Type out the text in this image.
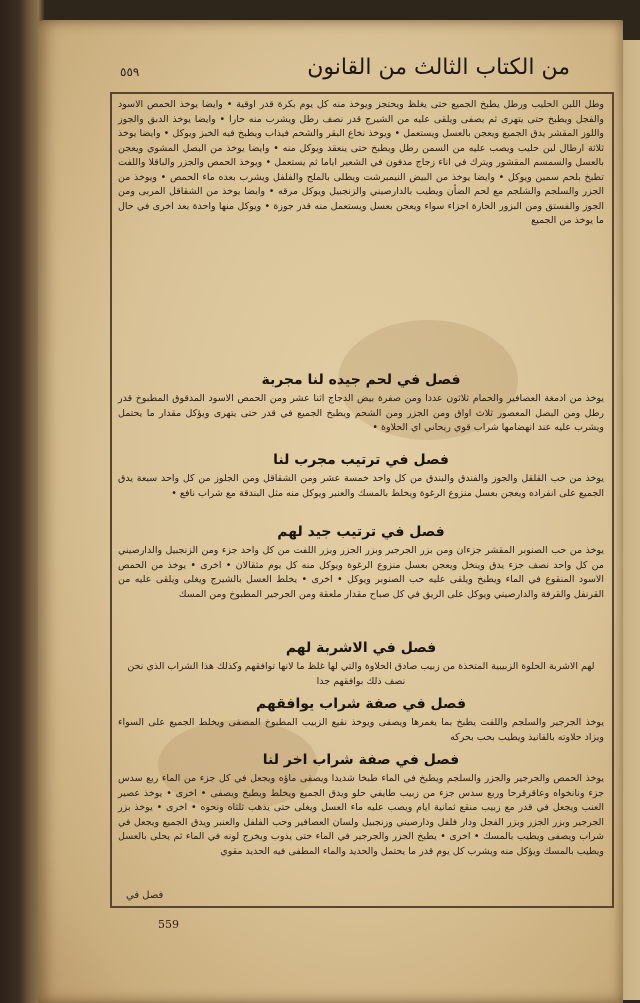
٥٥٩	من الكتاب الثالث من القانون
وطل اللبن الحليب ورطل يطبخ الجميع حتى يغلظ ويحتجز ويوخذ منه كل يوم بكرة قدر اوقية • وايضا يوخذ الحمص الاسود والفجل ويطبخ حتى يتهرى ثم يصفى ويلقى عليه من الشيرج قدر نصف رطل ويشرب منه حارا • وايضا يوخذ الدبق والجوز واللوز المقشر يدق الجميع ويعجن بالعسل ويستعمل • ويوخذ نخاع البقر والشحم فيذاب ويطبخ فيه الخبز ويوكل • وايضا يوخذ ثلاثة ارطال لبن حليب ويصب عليه من السمن رطل ويطبخ حتى ينعقد ويوكل منه • وايضا يوخذ من البصل المشوي ويعجن بالعسل والسمسم المقشور ويترك في اناء زجاج مدفون في الشعير اياما ثم يستعمل • ويوخذ الحمص والجزر والباقلا واللفت تطبخ بلحم سمين ويوكل • وايضا يوخذ من البيض النيمبرشت ويطلى بالملح والفلفل ويشرب بعده ماء الحمص • ويوخذ من الجزر والسلجم والشلجم مع لحم الضأن ويطيب بالدارصيني والزنجبيل ويوكل مرقه • وايضا يوخذ من الشقاقل المربى ومن الجوز والفستق ومن البزور الحارة اجزاء سواء ويعجن بعسل ويستعمل منه قدر جوزة • ويوكل منها واحدة بعد اخرى في حال ما يوخذ من الجميع
فصل في لحم جيده لنا مجربة
يوخذ من ادمغة العصافير والحمام ثلاثون عددا ومن صفرة بيض الدجاج اثنا عشر ومن الحمص الاسود المدقوق المطبوخ قدر رطل ومن البصل المعصور ثلاث اواق ومن الجزر ومن الشحم ويطبخ الجميع في قدر حتى يتهرى ويؤكل مقدار ما يحتمل ويشرب عليه عند انهضامها شراب قوي ريحاني اي الحلاوة •
فصل في ترتيب مجرب لنا
يوخذ من حب القلقل والجوز والفندق والبندق من كل واحد خمسة عشر ومن الشقاقل ومن الجلوز من كل واحد سبعة يدق الجميع على انفراده ويعجن بعسل منزوع الرغوة ويخلط بالمسك والعنبر ويوكل منه مثل البندقة مع شراب نافع •
فصل في ترتيب جيد لهم
يوخذ من حب الصنوبر المقشر جزءان ومن بزر الجرجير وبزر الجزر وبزر اللفت من كل واحد جزء ومن الزنجبيل والدارصيني من كل واحد نصف جزء يدق وينخل ويعجن بعسل منزوع الرغوة ويوكل منه كل يوم مثقالان • اخرى • يوخذ من الحمص الاسود المنقوع في الماء ويطبخ ويلقى عليه حب الصنوبر ويوكل • اخرى • يخلط العسل بالشيرج ويغلى ويلقى عليه من القرنفل والقرفة والدارصيني ويوكل على الريق في كل صباح مقدار ملعقة ومن الجرجير المطبوخ ومن المسك
فصل في الاشربة لهم
لهم الاشربة الحلوة الزبيبية المتخذة من زبيب صادق الحلاوة والتي لها غلظ ما لانها توافقهم وكذلك هذا الشراب الذي نحن نصف ذلك بوافقهم جدا
فصل في صفة شراب يوافقهم
يوخذ الجرجير والسلجم واللفت يطبخ بما يغمرها ويصفى ويوخذ نقيع الزبيب المطبوخ المصفى ويخلط الجميع على السواء ويزاد حلاوته بالفانيذ ويطيب بحب بحركه
فصل في صفة شراب اخر لنا
يوخذ الحمص والجرجير والجزر والسلجم ويطبخ في الماء طبخا شديدا ويصفى ماؤه ويجعل في كل جزء من الماء ربع سدس جزء ونانخواه وعاقرقرحا وربع سدس جزء من زبيب طايفي حلو ويدق الجميع ويخلط ويطبخ ويصفى • اخرى • يوخذ عصير العنب ويجعل في قدر مع زبيب منقع ثمانية ايام ويصب عليه ماء العسل ويغلى حتى يذهب ثلثاه ونحوه • اخرى • يوخذ بزر الجرجير وبزر الجزر وبزر الفجل ودار فلفل ودارصيني وزنجبيل ولسان العصافير وحب الفلفل والعنبر ويدق الجميع ويجعل في شراب ويصفى ويطيب بالمسك • اخرى • يطبخ الجزر والجرجير في الماء حتى يذوب ويخرج لونه في الماء ثم يحلى بالعسل ويطيب بالمسك ويؤكل منه ويشرب كل يوم قدر ما يحتمل والحديد والماء المطفى فيه الحديد مقوي
فصل في
559
